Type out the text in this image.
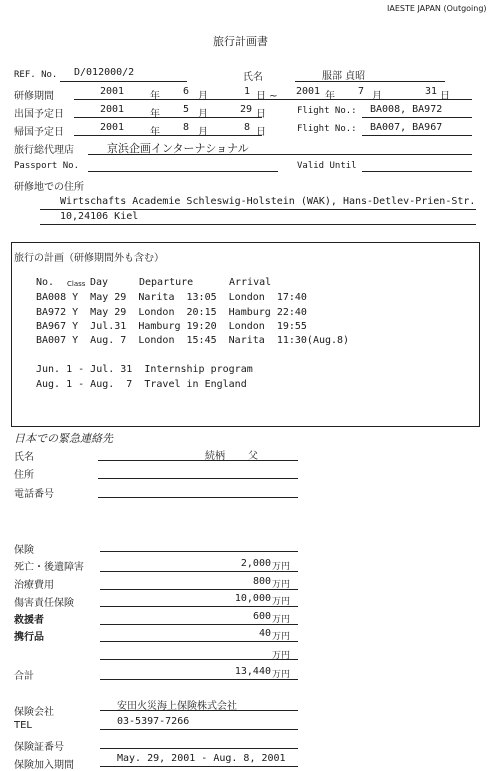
IAESTE JAPAN (Outgoing)
旅行計画書
REF. No. D/012000/2	氏名	服部 貞昭
研修期間	2001	年 6 月	1 日 ~ 2001 年 7 月	31 日
出国予定日	2001	年 5 月	29 日	Flight No.: BA008, BA972
帰国予定日	2001	年 8 月	8 日	Flight No.: BA007, BA967
旅行総代理店	京浜企画インターナショナル
Passport No.	Valid Until
研修地での住所
Wirtschafts Academie Schleswig-Holstein (WAK), Hans-Detlev-Prien-Str.
10,24106 Kiel
旅行の計画（研修期間外も含む）
No. Class Day	Departure	Arrival
BA008 Y  May 29  Narita  13:05  London  17:40
BA972 Y  May 29  London  20:15  Hamburg 22:40
BA967 Y  Jul.31  Hamburg 19:20  London  19:55
BA007 Y  Aug. 7  London  15:45  Narita  11:30(Aug.8)
Jun. 1 - Jul. 31  Internship program
Aug. 1 - Aug.  7  Travel in England
日本での緊急連絡先
氏名	続柄 父
住所
電話番号
保険
死亡・後遺障害	2,000 万円
治療費用	800 万円
傷害責任保険	10,000 万円
救援者	600 万円
携行品	40 万円
万円
合計	13,440 万円
保険会社
安田火災海上保険株式会社
TEL	03-5397-7266
保険証番号
保険加入期間
May. 29, 2001 - Aug. 8, 2001
